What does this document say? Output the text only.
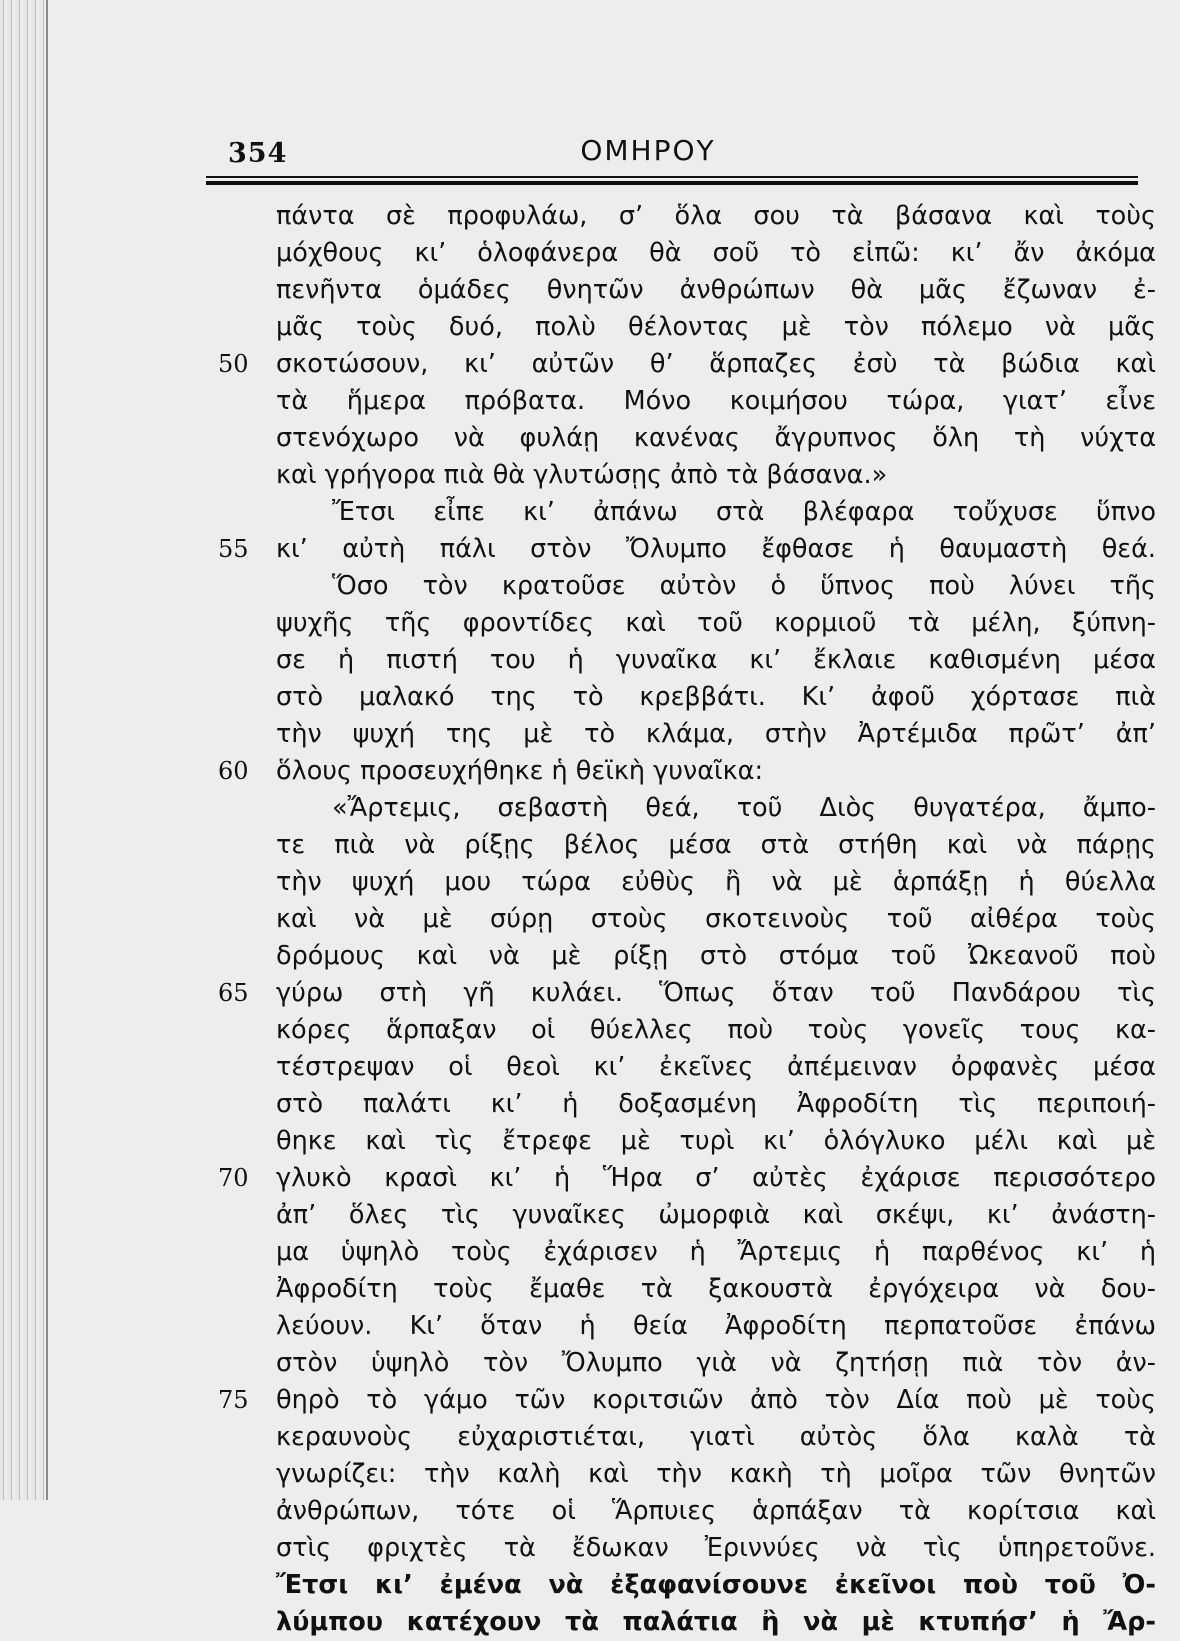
354	ΟΜΗΡΟΥ
πάντα σὲ προφυλάω, σ’ ὅλα σου τὰ βάσανα καὶ τοὺς
μόχθους κι’ ὁλοφάνερα θὰ σοῦ τὸ εἰπῶ: κι’ ἄν ἀκόμα
πενῆντα ὁμάδες θνητῶν ἀνθρώπων θὰ μᾶς ἔζωναν ἐ-
μᾶς τοὺς δυό, πολὺ θέλοντας μὲ τὸν πόλεμο νὰ μᾶς
σκοτώσουν, κι’ αὐτῶν θ’ ἅρπαζες ἐσὺ τὰ βώδια καὶ
τὰ ἥμερα πρόβατα. Μόνο κοιμήσου τώρα, γιατ’ εἶνε
στενόχωρο νὰ φυλάῃ κανένας ἄγρυπνος ὅλη τὴ νύχτα
καὶ γρήγορα πιὰ θὰ γλυτώσῃς ἀπὸ τὰ βάσανα.»
Ἔτσι εἶπε κι’ ἀπάνω στὰ βλέφαρα τοὔχυσε ὕπνο
κι’ αὐτὴ πάλι στὸν Ὄλυμπο ἔφθασε ἡ θαυμαστὴ θεά.
Ὅσο τὸν κρατοῦσε αὐτὸν ὁ ὕπνος ποὺ λύνει τῆς
ψυχῆς τῆς φροντίδες καὶ τοῦ κορμιοῦ τὰ μέλη, ξύπνη-
σε ἡ πιστή του ἡ γυναῖκα κι’ ἔκλαιε καθισμένη μέσα
στὸ μαλακό της τὸ κρεββάτι. Κι’ ἀφοῦ χόρτασε πιὰ
τὴν ψυχή της μὲ τὸ κλάμα, στὴν Ἀρτέμιδα πρῶτ’ ἀπ’
ὅλους προσευχήθηκε ἡ θεϊκὴ γυναῖκα:
«Ἄρτεμις, σεβαστὴ θεά, τοῦ Διὸς θυγατέρα, ἄμπο-
τε πιὰ νὰ ρίξῃς βέλος μέσα στὰ στήθη καὶ νὰ πάρῃς
τὴν ψυχή μου τώρα εὐθὺς ἢ νὰ μὲ ἁρπάξῃ ἡ θύελλα
καὶ νὰ μὲ σύρῃ στοὺς σκοτεινοὺς τοῦ αἰθέρα τοὺς
δρόμους καὶ νὰ μὲ ρίξῃ στὸ στόμα τοῦ Ὠκεανοῦ ποὺ
γύρω στὴ γῆ κυλάει. Ὅπως ὅταν τοῦ Πανδάρου τὶς
κόρες ἅρπαξαν οἱ θύελλες ποὺ τοὺς γονεῖς τους κα-
τέστρεψαν οἱ θεοὶ κι’ ἐκεῖνες ἀπέμειναν ὀρφανὲς μέσα
στὸ παλάτι κι’ ἡ δοξασμένη Ἀφροδίτη τὶς περιποιή-
θηκε καὶ τὶς ἔτρεφε μὲ τυρὶ κι’ ὁλόγλυκο μέλι καὶ μὲ
γλυκὸ κρασὶ κι’ ἡ Ἥρα σ’ αὐτὲς ἐχάρισε περισσότερο
ἀπ’ ὅλες τὶς γυναῖκες ὠμορφιὰ καὶ σκέψι, κι’ ἀνάστη-
μα ὑψηλὸ τοὺς ἐχάρισεν ἡ Ἄρτεμις ἡ παρθένος κι’ ἡ
Ἀφροδίτη τοὺς ἔμαθε τὰ ξακουστὰ ἐργόχειρα νὰ δου-
λεύουν. Κι’ ὅταν ἡ θεία Ἀφροδίτη περπατοῦσε ἐπάνω
στὸν ὑψηλὸ τὸν Ὄλυμπο γιὰ νὰ ζητήσῃ πιὰ τὸν ἀν-
θηρὸ τὸ γάμο τῶν κοριτσιῶν ἀπὸ τὸν Δία ποὺ μὲ τοὺς
κεραυνοὺς εὐχαριστιέται, γιατὶ αὐτὸς ὅλα καλὰ τὰ
γνωρίζει: τὴν καλὴ καὶ τὴν κακὴ τὴ μοῖρα τῶν θνητῶν
ἀνθρώπων, τότε οἱ Ἅρπυιες ἁρπάξαν τὰ κορίτσια καὶ
στὶς φριχτὲς τὰ ἔδωκαν Ἐριννύες νὰ τὶς ὑπηρετοῦνε.
Ἔτσι κι’ ἐμένα νὰ ἐξαφανίσουνε ἐκεῖνοι ποὺ τοῦ Ὀ-
λύμπου κατέχουν τὰ παλάτια ἢ νὰ μὲ κτυπήσ’ ἡ Ἄρ-
50
55
60
65
70
75
